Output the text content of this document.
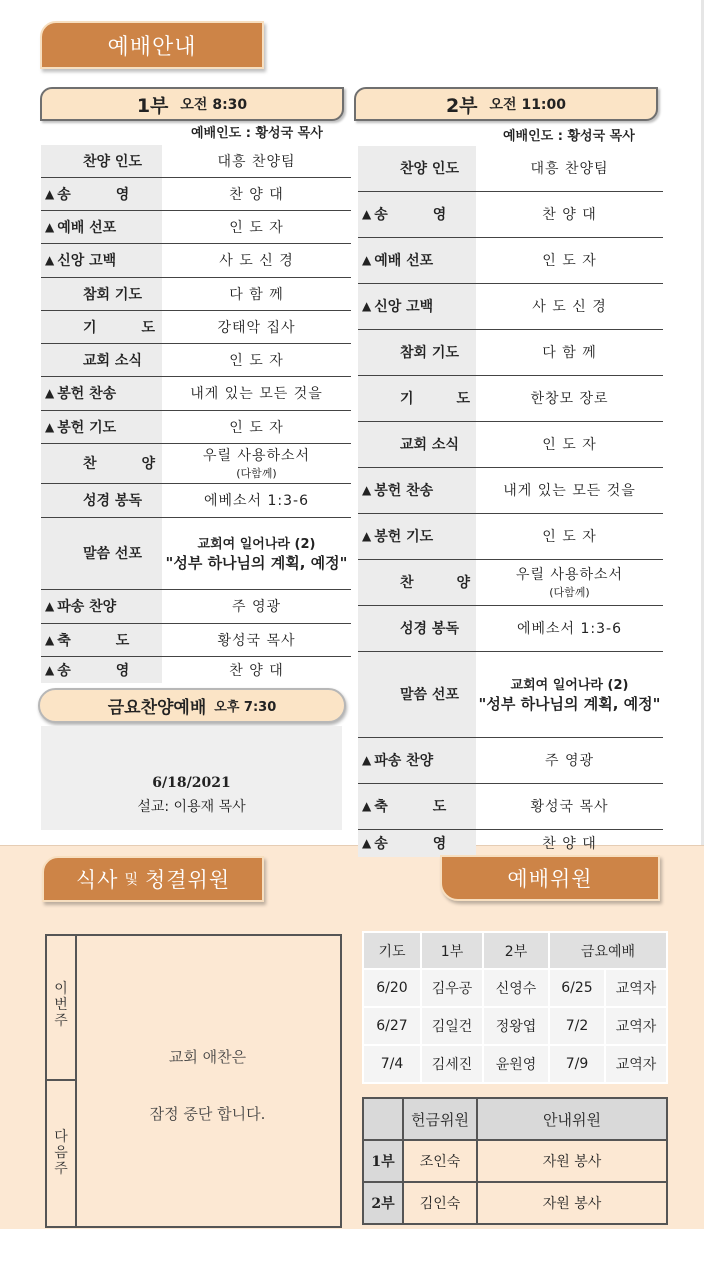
예배안내
1부 오전 8:30
예배인도 : 황성국 목사
찬양 인도	대흥 찬양팀

▲ 송 영	찬 양 대

▲ 예배 선포	인 도 자

▲ 신앙 고백	사 도 신 경

참회 기도	다 함 께

기 도	강태악 집사

교회 소식	인 도 자

▲ 봉헌 찬송	내게 있는 모든 것을

▲ 봉헌 기도	인 도 자

찬 양	우릴 사용하소서
(다함께)

성경 봉독	에베소서 1:3-6

말씀 선포	교회여 일어나라 (2)
"성부 하나님의 계획, 예정"

▲ 파송 찬양	주 영광

▲ 축 도	황성국 목사

▲ 송 영	찬 양 대
2부 오전 11:00
예배인도 : 황성국 목사
찬양 인도	대흥 찬양팀

▲ 송 영	찬 양 대

▲ 예배 선포	인 도 자

▲ 신앙 고백	사 도 신 경

참회 기도	다 함 께

기 도	한창모 장로

교회 소식	인 도 자

▲ 봉헌 찬송	내게 있는 모든 것을

▲ 봉헌 기도	인 도 자

찬 양	우릴 사용하소서
(다함께)

성경 봉독	에베소서 1:3-6

말씀 선포	교회여 일어나라 (2)
"성부 하나님의 계획, 예정"

▲ 파송 찬양	주 영광

▲ 축 도	황성국 목사

▲ 송 영	찬 양 대
금요찬양예배 오후 7:30
6/18/2021
설교: 이용재 목사
식사 및 청결위원	예배위원
이
번
주
다
음
주
교회 애찬은
잠정 중단 합니다.
기도	1부	2부	금요예배	
6/20	김우공	신영수	6/25	교역자
6/27	김일건	정왕엽	7/2	교역자
7/4	김세진	윤원영	7/9	교역자
	헌금위원	안내위원
1부	조인숙	자원 봉사
2부	김인숙	자원 봉사
